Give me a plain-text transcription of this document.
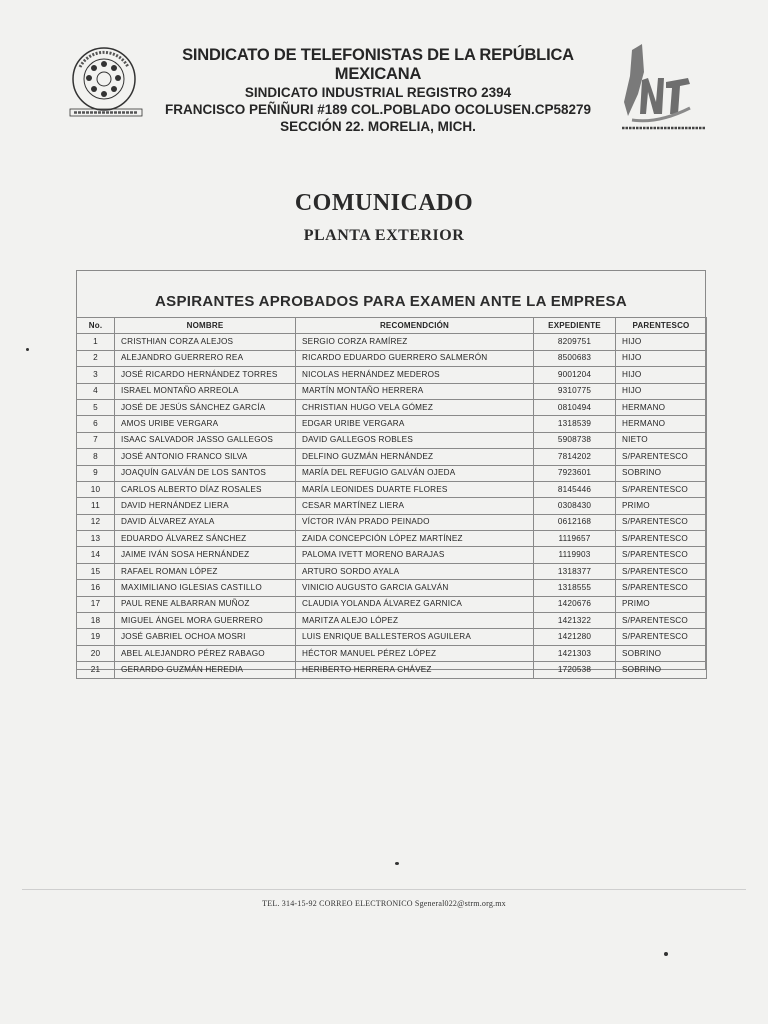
SINDICATO DE TELEFONISTAS DE LA REPÚBLICA MEXICANA
SINDICATO INDUSTRIAL REGISTRO 2394
FRANCISCO PEÑIÑURI #189 COL.POBLADO OCOLUSEN.CP58279
SECCIÓN 22. MORELIA, MICH.
COMUNICADO
PLANTA EXTERIOR
ASPIRANTES APROBADOS PARA EXAMEN ANTE LA EMPRESA
No.	NOMBRE	RECOMENDCIÓN	EXPEDIENTE	PARENTESCO
1	CRISTHIAN CORZA ALEJOS	SERGIO CORZA RAMÍREZ	8209751	HIJO
2	ALEJANDRO GUERRERO REA	RICARDO EDUARDO GUERRERO SALMERÓN	8500683	HIJO
3	JOSÉ RICARDO HERNÁNDEZ TORRES	NICOLAS HERNÁNDEZ MEDEROS	9001204	HIJO
4	ISRAEL MONTAÑO ARREOLA	MARTÍN MONTAÑO HERRERA	9310775	HIJO
5	JOSÉ DE JESÚS SÁNCHEZ GARCÍA	CHRISTIAN HUGO VELA GÓMEZ	0810494	HERMANO
6	AMOS URIBE VERGARA	EDGAR URIBE VERGARA	1318539	HERMANO
7	ISAAC SALVADOR JASSO GALLEGOS	DAVID GALLEGOS ROBLES	5908738	NIETO
8	JOSÉ ANTONIO FRANCO SILVA	DELFINO GUZMÁN HERNÁNDEZ	7814202	S/PARENTESCO
9	JOAQUÍN GALVÁN DE LOS SANTOS	MARÍA DEL REFUGIO GALVÁN OJEDA	7923601	SOBRINO
10	CARLOS ALBERTO DÍAZ ROSALES	MARÍA LEONIDES DUARTE FLORES	8145446	S/PARENTESCO
11	DAVID HERNÁNDEZ LIERA	CESAR MARTÍNEZ LIERA	0308430	PRIMO
12	DAVID ÁLVAREZ AYALA	VÍCTOR IVÁN PRADO PEINADO	0612168	S/PARENTESCO
13	EDUARDO ÁLVAREZ SÁNCHEZ	ZAIDA CONCEPCIÓN LÓPEZ MARTÍNEZ	1119657	S/PARENTESCO
14	JAIME IVÁN SOSA HERNÁNDEZ	PALOMA IVETT MORENO BARAJAS	1119903	S/PARENTESCO
15	RAFAEL ROMAN LÓPEZ	ARTURO SORDO AYALA	1318377	S/PARENTESCO
16	MAXIMILIANO IGLESIAS CASTILLO	VINICIO AUGUSTO GARCIA GALVÁN	1318555	S/PARENTESCO
17	PAUL RENE ALBARRAN MUÑOZ	CLAUDIA YOLANDA ÁLVAREZ GARNICA	1420676	PRIMO
18	MIGUEL ÁNGEL MORA GUERRERO	MARITZA ALEJO LÓPEZ	1421322	S/PARENTESCO
19	JOSÉ GABRIEL OCHOA MOSRI	LUIS ENRIQUE BALLESTEROS AGUILERA	1421280	S/PARENTESCO
20	ABEL ALEJANDRO PÉREZ RABAGO	HÉCTOR MANUEL PÉREZ LÓPEZ	1421303	SOBRINO
21	GERARDO GUZMÁN HEREDIA	HERIBERTO HERRERA CHÁVEZ	1720538	SOBRINO
TEL. 314-15-92 CORREO ELECTRONICO Sgeneral022@strm.org.mx
